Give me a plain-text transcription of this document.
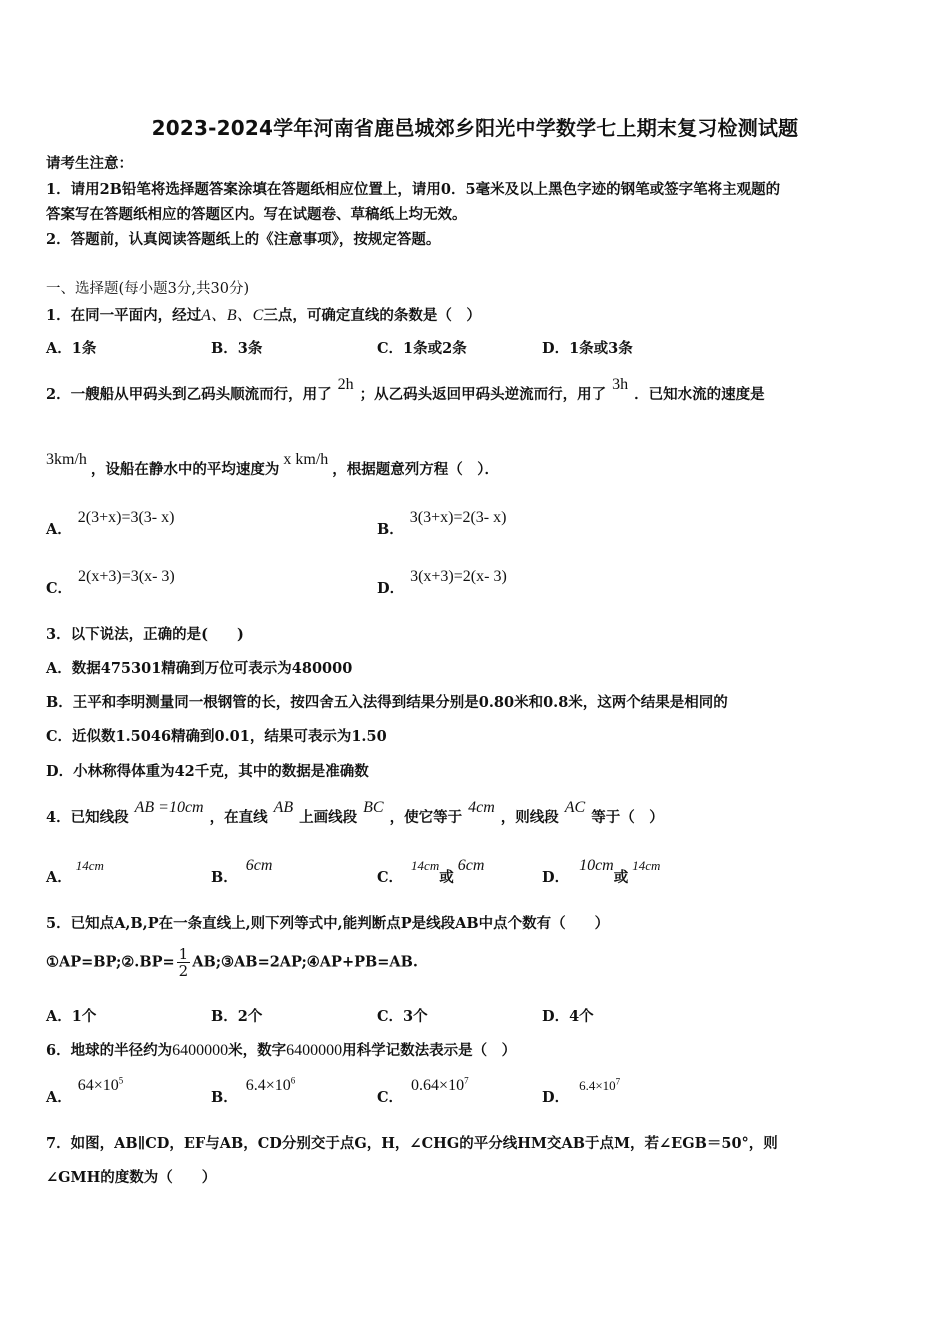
2023-2024学年河南省鹿邑城郊乡阳光中学数学七上期末复习检测试题
请考生注意：
1．请用2B铅笔将选择题答案涂填在答题纸相应位置上，请用0．5毫米及以上黑色字迹的钢笔或签字笔将主观题的
答案写在答题纸相应的答题区内。写在试题卷、草稿纸上均无效。
2．答题前，认真阅读答题纸上的《注意事项》，按规定答题。
一、选择题(每小题3分,共30分)
1．在同一平面内，经过A、B、C三点，可确定直线的条数是（　）
A．1条	B．3条	C．1条或2条	D．1条或3条
2．一艘船从甲码头到乙码头顺流而行，用了2h；从乙码头返回甲码头逆流而行，用了3h．已知水流的速度是
3km/h，设船在静水中的平均速度为x km/h，根据题意列方程（　）．
A．2(3+x)=3(3- x)
B．3(3+x)=2(3- x)
C．2(x+3)=3(x- 3)
D．3(x+3)=2(x- 3)
3．以下说法，正确的是(　　)
A．数据475301精确到万位可表示为480000
B．王平和李明测量同一根钢管的长，按四舍五入法得到结果分别是0.80米和0.8米，这两个结果是相同的
C．近似数1.5046精确到0.01，结果可表示为1.50
D．小林称得体重为42千克，其中的数据是准确数
4．已知线段AB =10cm，在直线AB上画线段BC，使它等于4cm，则线段AC等于（　）
A．14cm
B．6cm
C．14cm或6cm
D．10cm或14cm
5．已知点A,B,P在一条直线上,则下列等式中,能判断点P是线段AB中点个数有（　　）
①AP=BP;②.BP= $\frac{1}{2}$ AB;③AB=2AP;④AP+PB=AB.
A．1个	B．2个	C．3个	D．4个
6．地球的半径约为6400000米，数字6400000用科学记数法表示是（　）
A．$64\times 10^5$
B．$6.4\times 10^6$
C．$0.64\times 10^7$
D．$6.4\times 10^7$
7．如图，AB∥CD，EF与AB，CD分别交于点G，H，∠CHG的平分线HM交AB于点M，若∠EGB＝50°，则
∠GMH的度数为（　　）
